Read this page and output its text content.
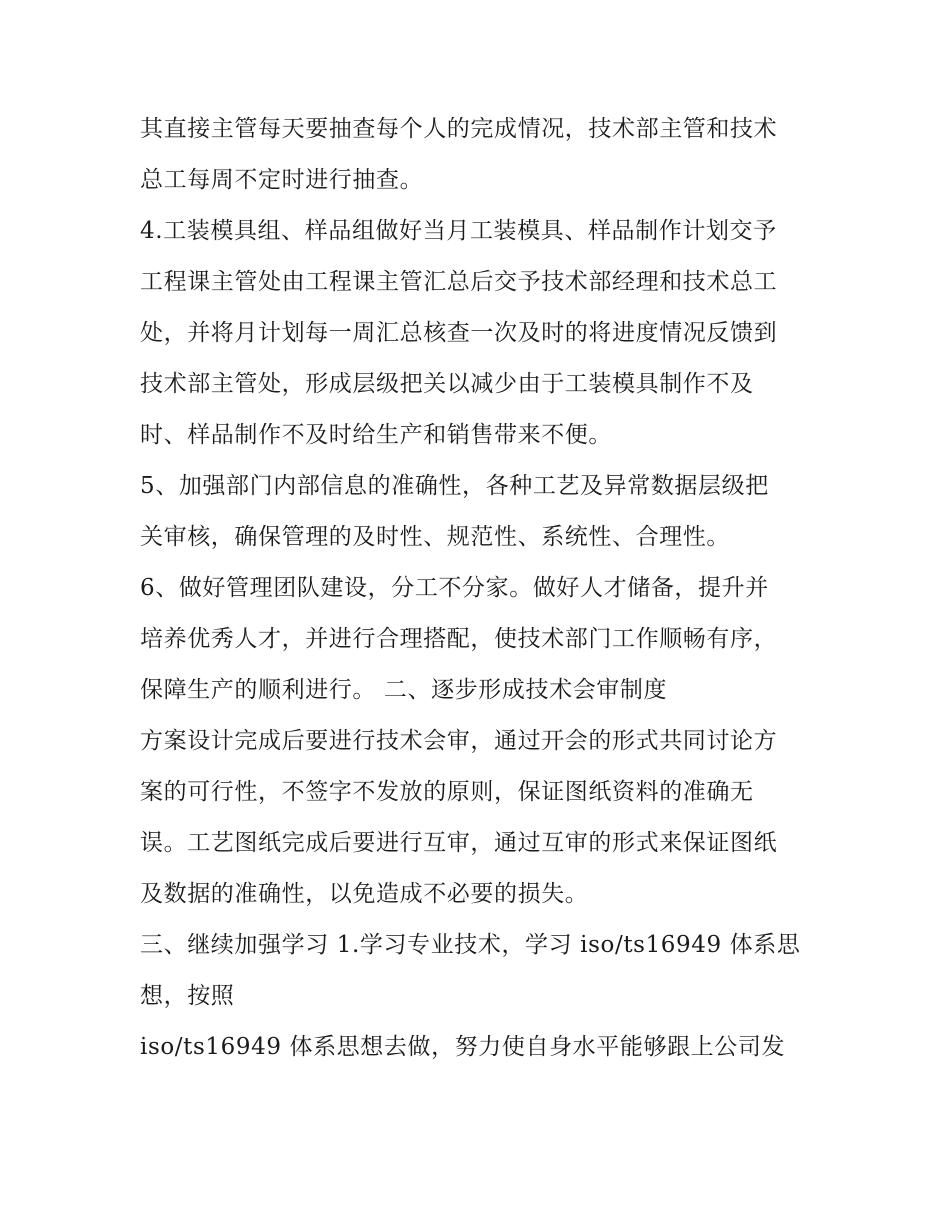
其直接主管每天要抽查每个人的完成情况，技术部主管和技术
总工每周不定时进行抽查。
4.工装模具组、样品组做好当月工装模具、样品制作计划交予
工程课主管处由工程课主管汇总后交予技术部经理和技术总工
处，并将月计划每一周汇总核查一次及时的将进度情况反馈到
技术部主管处，形成层级把关以减少由于工装模具制作不及
时、样品制作不及时给生产和销售带来不便。
5、加强部门内部信息的准确性，各种工艺及异常数据层级把
关审核，确保管理的及时性、规范性、系统性、合理性。
6、做好管理团队建设，分工不分家。做好人才储备，提升并
培养优秀人才，并进行合理搭配，使技术部门工作顺畅有序，
保障生产的顺利进行。 二、逐步形成技术会审制度
方案设计完成后要进行技术会审，通过开会的形式共同讨论方
案的可行性，不签字不发放的原则，保证图纸资料的准确无
误。工艺图纸完成后要进行互审，通过互审的形式来保证图纸
及数据的准确性，以免造成不必要的损失。
三、继续加强学习 1.学习专业技术，学习 iso/ts16949 体系思
想，按照
iso/ts16949 体系思想去做，努力使自身水平能够跟上公司发
